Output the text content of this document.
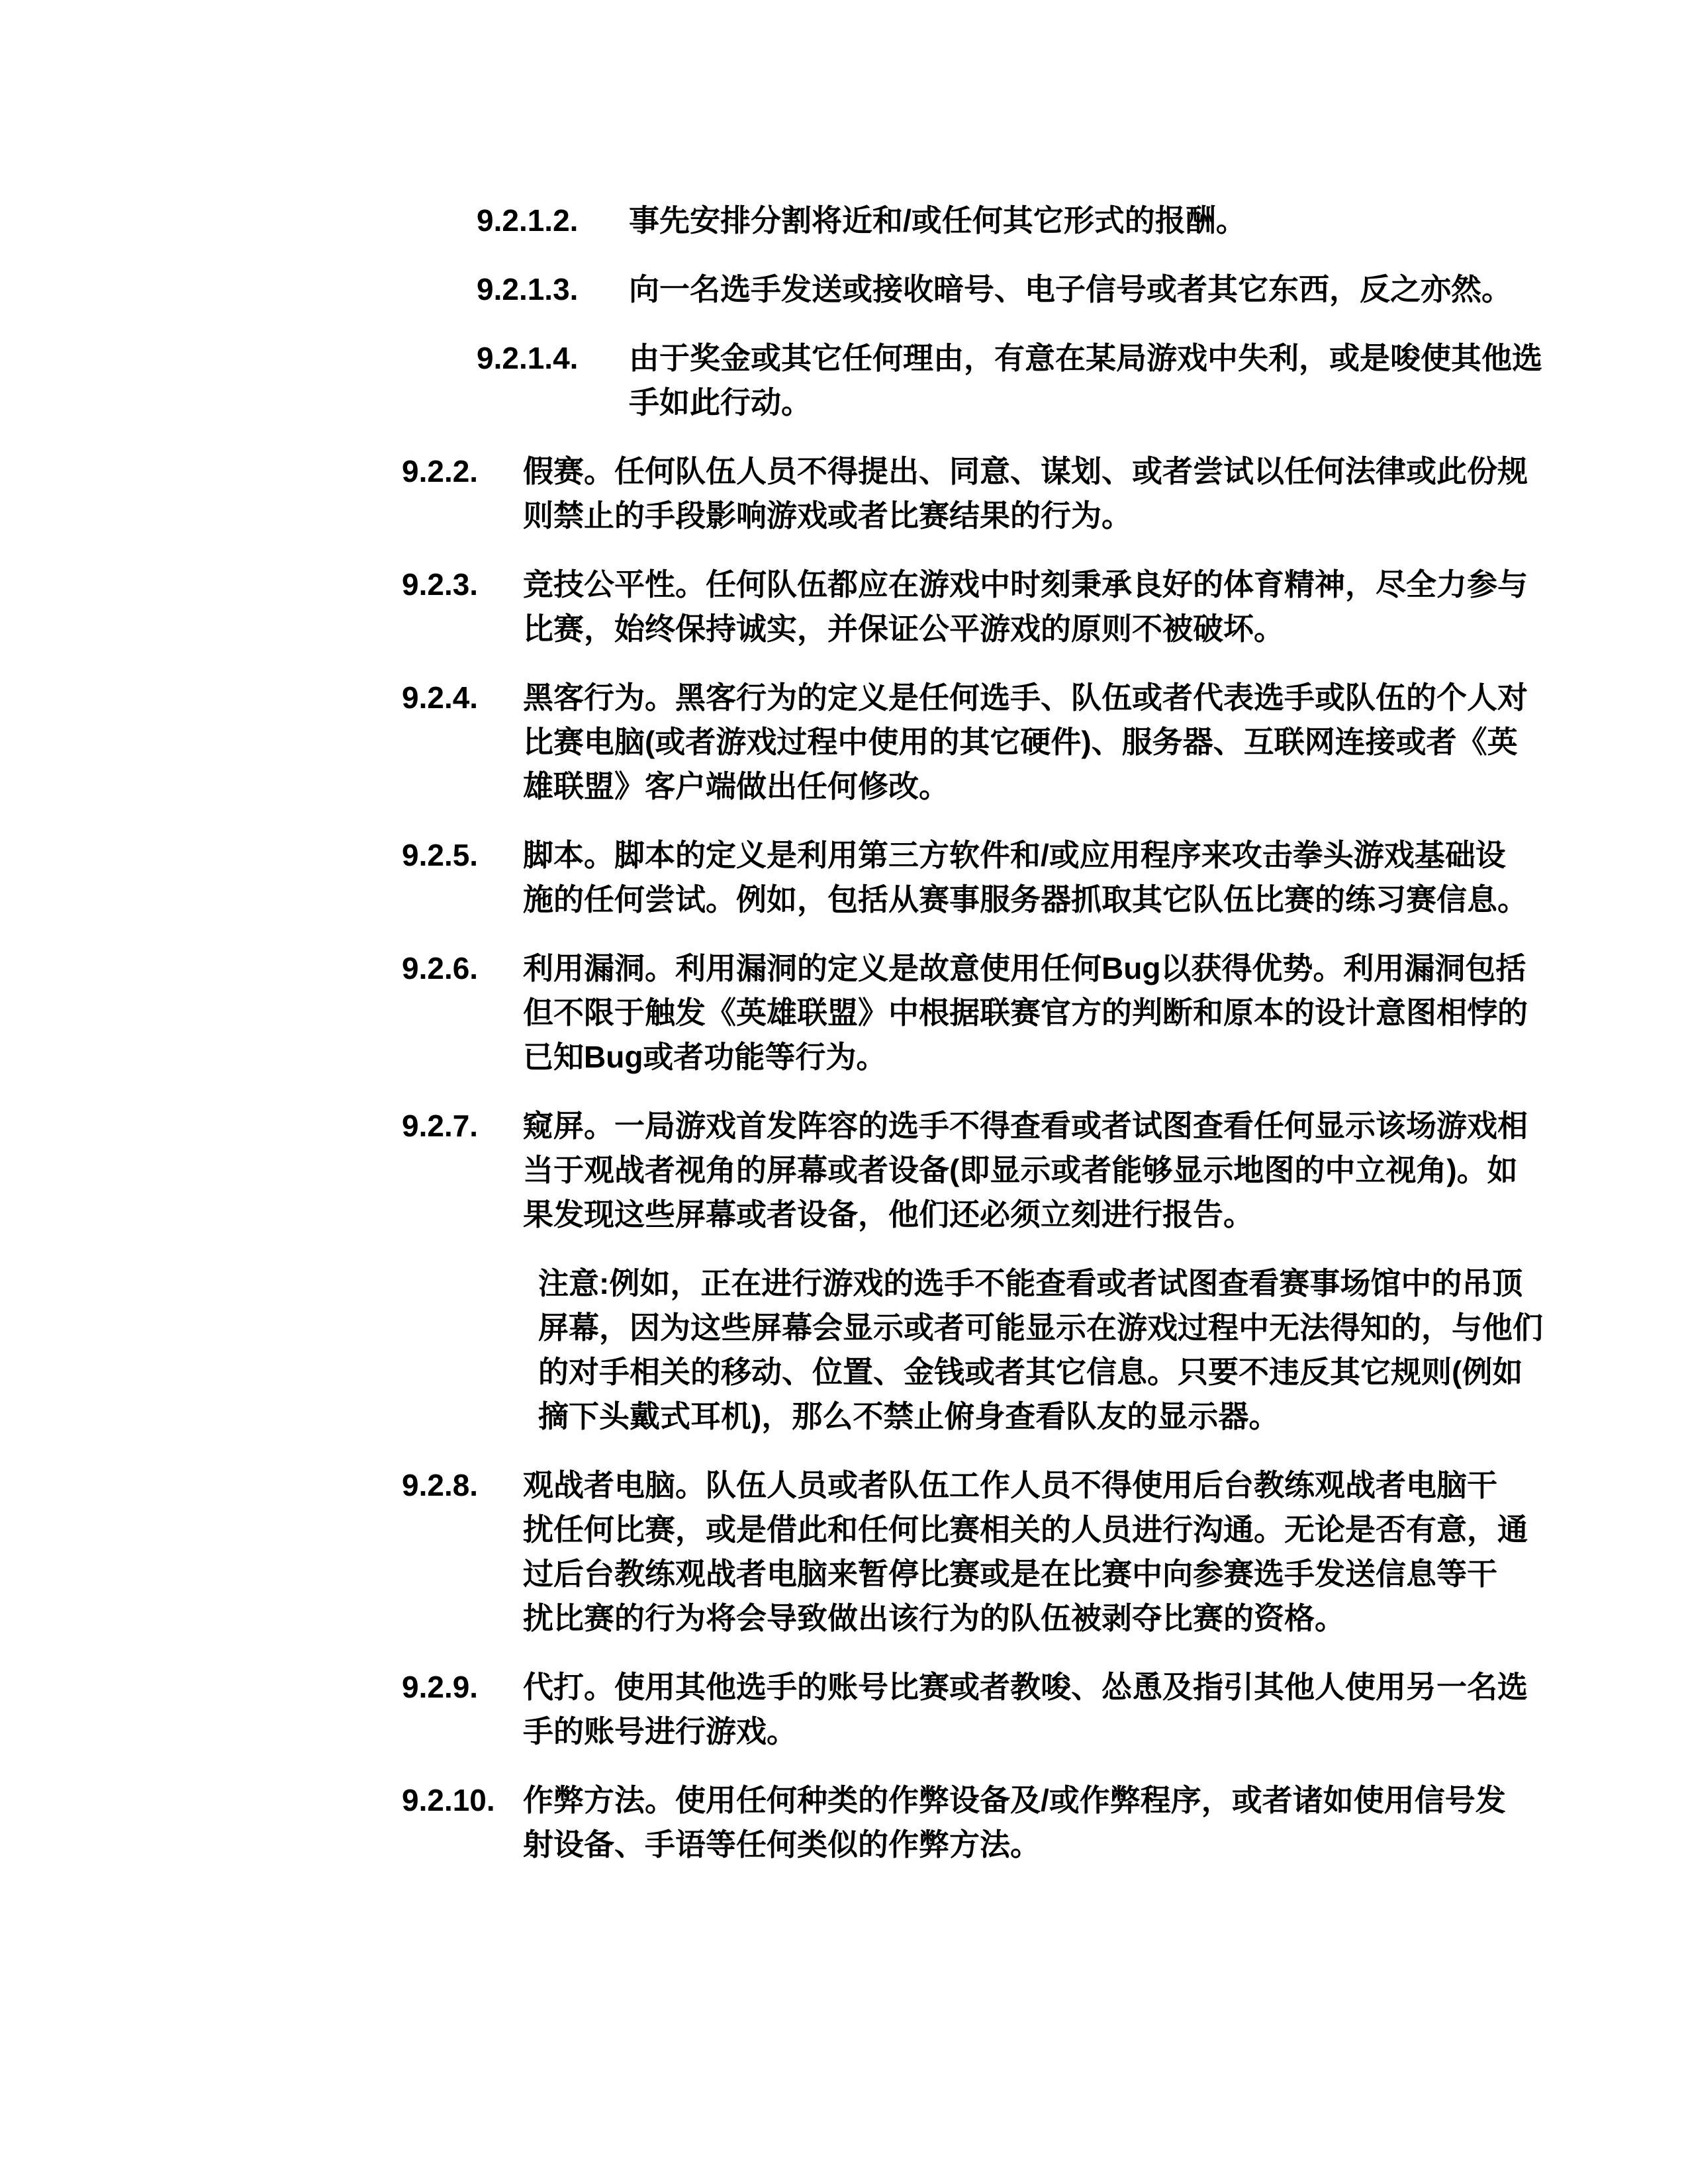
9.2.1.2.	事先安排分割将近和/或任何其它形式的报酬。
9.2.1.3.	向一名选手发送或接收暗号、电子信号或者其它东西，反之亦然。
9.2.1.4.	由于奖金或其它任何理由，有意在某局游戏中失利，或是唆使其他选
手如此行动。
9.2.2.	假赛。任何队伍人员不得提出、同意、谋划、或者尝试以任何法律或此份规
则禁止的手段影响游戏或者比赛结果的行为。
9.2.3.	竞技公平性。任何队伍都应在游戏中时刻秉承良好的体育精神，尽全力参与
比赛，始终保持诚实，并保证公平游戏的原则不被破坏。
9.2.4.	黑客行为。黑客行为的定义是任何选手、队伍或者代表选手或队伍的个人对
比赛电脑(或者游戏过程中使用的其它硬件)、服务器、互联网连接或者《英
雄联盟》客户端做出任何修改。
9.2.5.	脚本。脚本的定义是利用第三方软件和/或应用程序来攻击拳头游戏基础设
施的任何尝试。例如，包括从赛事服务器抓取其它队伍比赛的练习赛信息。
9.2.6.	利用漏洞。利用漏洞的定义是故意使用任何Bug以获得优势。利用漏洞包括
但不限于触发《英雄联盟》中根据联赛官方的判断和原本的设计意图相悖的
已知Bug或者功能等行为。
9.2.7.	窥屏。一局游戏首发阵容的选手不得查看或者试图查看任何显示该场游戏相
当于观战者视角的屏幕或者设备(即显示或者能够显示地图的中立视角)。如
果发现这些屏幕或者设备，他们还必须立刻进行报告。
注意:例如，正在进行游戏的选手不能查看或者试图查看赛事场馆中的吊顶
屏幕，因为这些屏幕会显示或者可能显示在游戏过程中无法得知的，与他们
的对手相关的移动、位置、金钱或者其它信息。只要不违反其它规则(例如
摘下头戴式耳机)，那么不禁止俯身查看队友的显示器。
9.2.8.	观战者电脑。队伍人员或者队伍工作人员不得使用后台教练观战者电脑干
扰任何比赛，或是借此和任何比赛相关的人员进行沟通。无论是否有意，通
过后台教练观战者电脑来暂停比赛或是在比赛中向参赛选手发送信息等干
扰比赛的行为将会导致做出该行为的队伍被剥夺比赛的资格。
9.2.9.	代打。使用其他选手的账号比赛或者教唆、怂恿及指引其他人使用另一名选
手的账号进行游戏。
9.2.10. 作弊方法。使用任何种类的作弊设备及/或作弊程序，或者诸如使用信号发
射设备、手语等任何类似的作弊方法。
